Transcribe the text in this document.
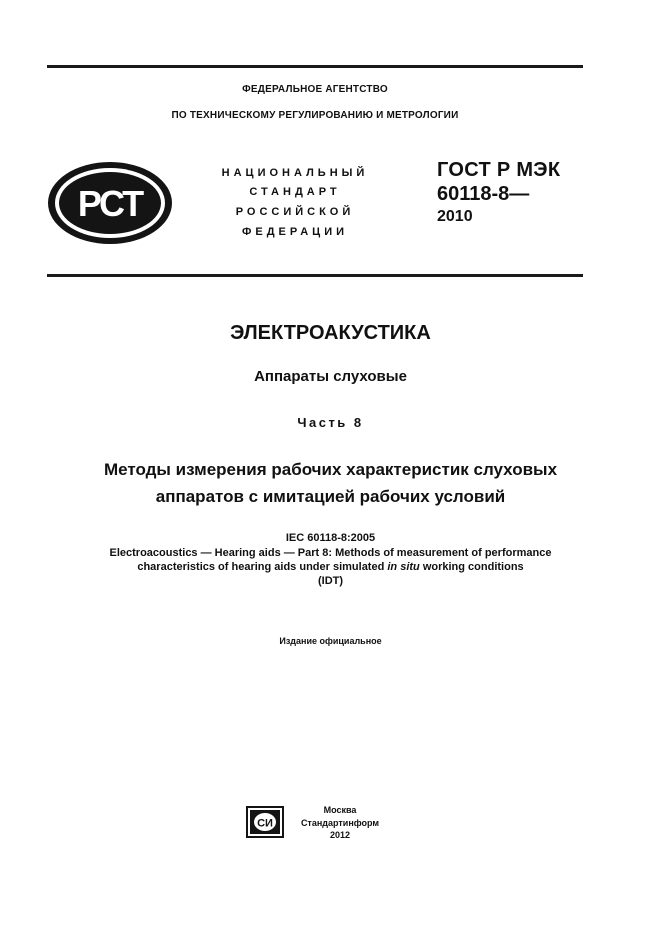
ФЕДЕРАЛЬНОЕ АГЕНТСТВО
ПО ТЕХНИЧЕСКОМУ РЕГУЛИРОВАНИЮ И МЕТРОЛОГИИ
РСТ
НАЦИОНАЛЬНЫЙ
СТАНДАРТ
РОССИЙСКОЙ
ФЕДЕРАЦИИ
ГОСТ Р МЭК
60118-8—
2010
ЭЛЕКТРОАКУСТИКА
Аппараты слуховые
Часть 8
Методы измерения рабочих характеристик слуховых
аппаратов с имитацией рабочих условий
IEC 60118-8:2005
Electroacoustics — Hearing aids — Part 8: Methods of measurement of performance
characteristics of hearing aids under simulated in situ working conditions
(IDT)
Издание официальное
СИ
Москва
Стандартинформ
2012
